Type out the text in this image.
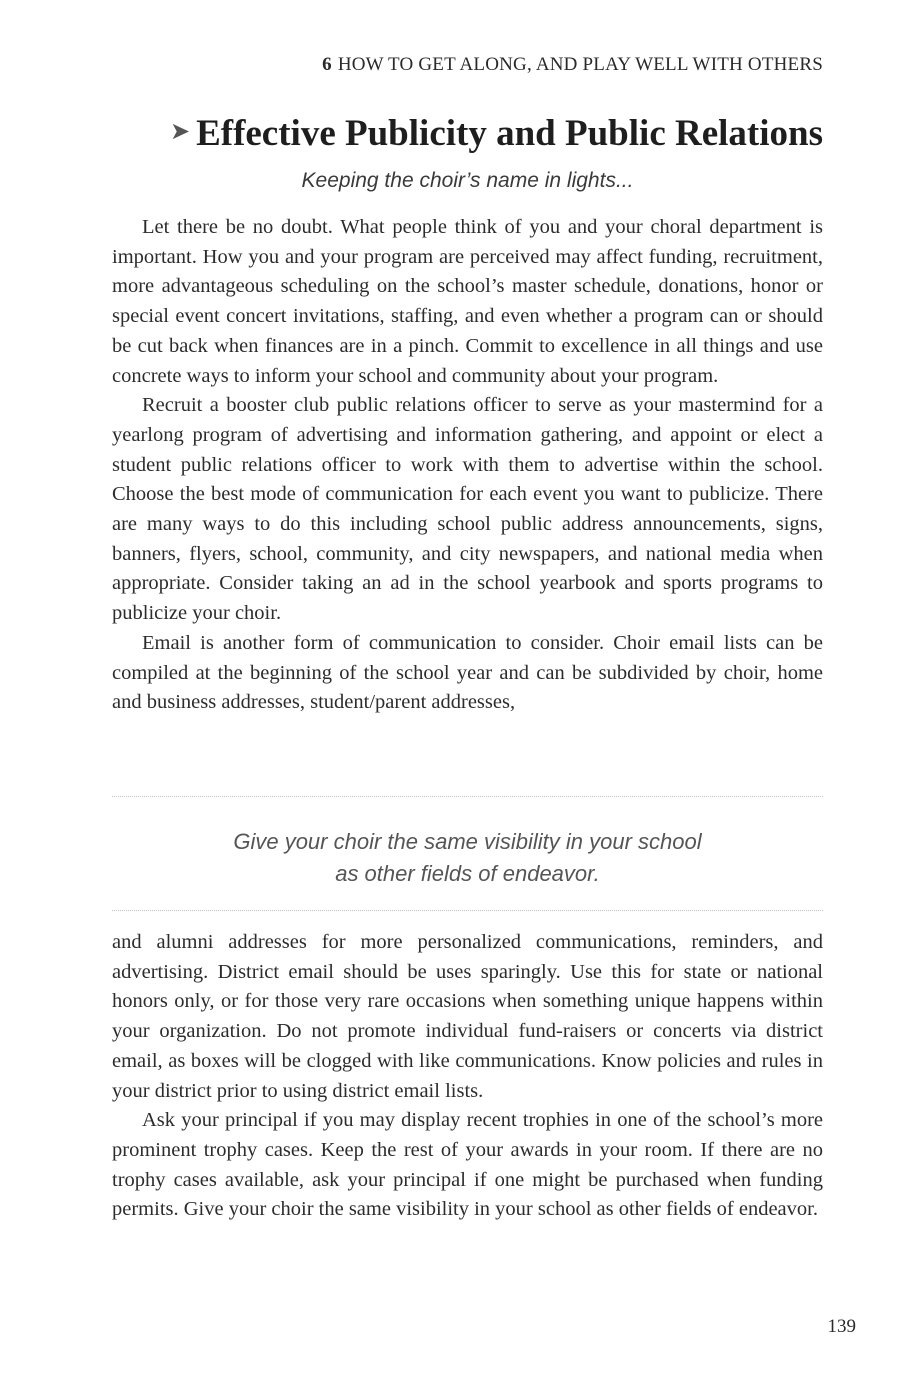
6 HOW TO GET ALONG, AND PLAY WELL WITH OTHERS
➤ Effective Publicity and Public Relations
Keeping the choir’s name in lights...

Let there be no doubt. What people think of you and your choral department is important. How you and your program are perceived may affect funding, recruitment, more advantageous scheduling on the school’s master schedule, donations, honor or special event concert invitations, staffing, and even whether a program can or should be cut back when finances are in a pinch. Commit to excellence in all things and use concrete ways to inform your school and community about your program.

Recruit a booster club public relations officer to serve as your mastermind for a yearlong program of advertising and information gathering, and appoint or elect a student public relations officer to work with them to advertise within the school. Choose the best mode of communication for each event you want to publicize. There are many ways to do this including school public address announcements, signs, banners, flyers, school, community, and city newspapers, and national media when appropriate. Consider taking an ad in the school yearbook and sports programs to publicize your choir.

Email is another form of communication to consider. Choir email lists can be compiled at the beginning of the school year and can be subdivided by choir, home and business addresses, student/parent addresses,

Give your choir the same visibility in your school
as other fields of endeavor.

and alumni addresses for more personalized communications, reminders, and advertising. District email should be uses sparingly. Use this for state or national honors only, or for those very rare occasions when something unique happens within your organization. Do not promote individual fund-raisers or concerts via district email, as boxes will be clogged with like communications. Know policies and rules in your district prior to using district email lists.

Ask your principal if you may display recent trophies in one of the school’s more prominent trophy cases. Keep the rest of your awards in your room. If there are no trophy cases available, ask your principal if one might be purchased when funding permits. Give your choir the same visibility in your school as other fields of endeavor.

139
